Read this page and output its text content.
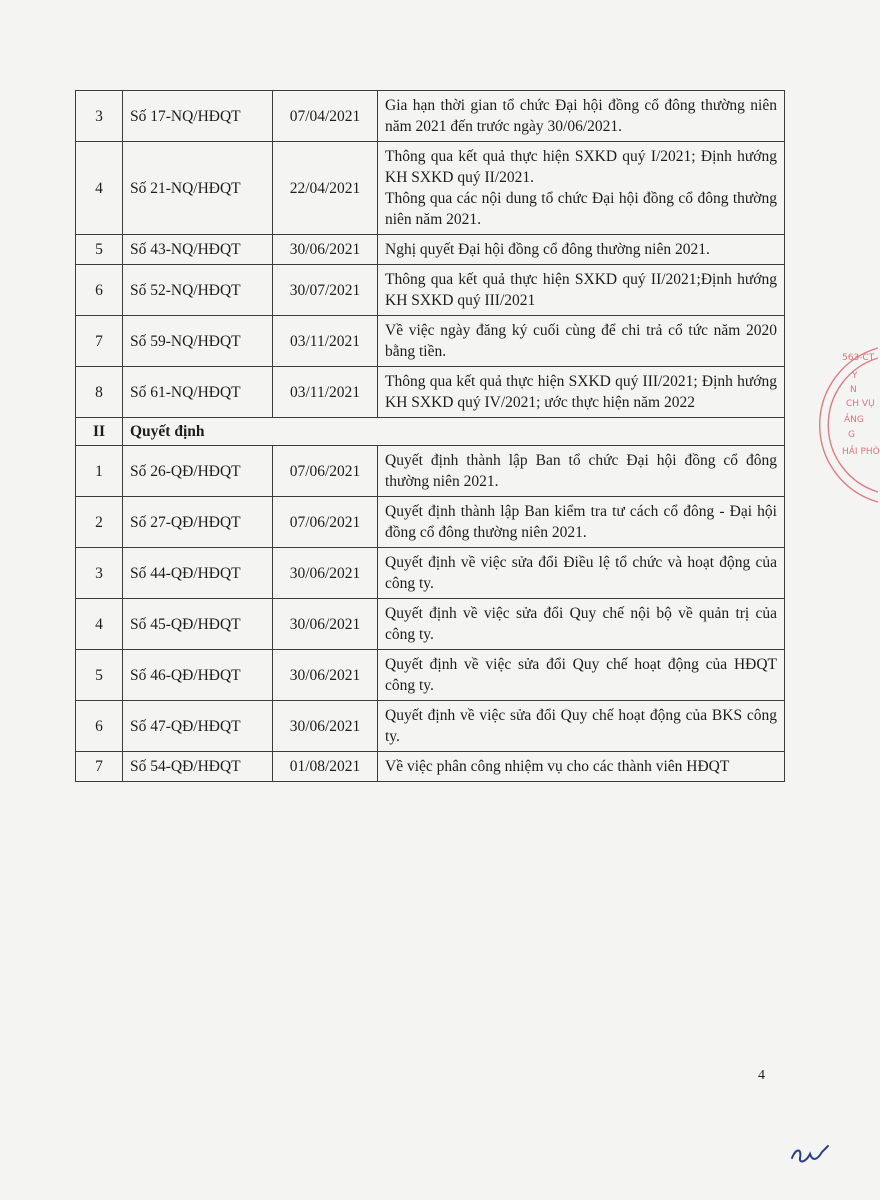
3	Số 17-NQ/HĐQT	07/04/2021	Gia hạn thời gian tổ chức Đại hội đồng cổ đông thường niên năm 2021 đến trước ngày 30/06/2021.

4	Số 21-NQ/HĐQT	22/04/2021	Thông qua kết quả thực hiện SXKD quý I/2021; Định hướng KH SXKD quý II/2021.
Thông qua các nội dung tổ chức Đại hội đồng cổ đông thường niên năm 2021.

5	Số 43-NQ/HĐQT	30/06/2021	Nghị quyết Đại hội đồng cổ đông thường niên 2021.

6	Số 52-NQ/HĐQT	30/07/2021	Thông qua kết quả thực hiện SXKD quý II/2021;Định hướng KH SXKD quý III/2021

7	Số 59-NQ/HĐQT	03/11/2021	Về việc ngày đăng ký cuối cùng để chi trả cổ tức năm 2020 bằng tiền.

8	Số 61-NQ/HĐQT	03/11/2021	Thông qua kết quả thực hiện SXKD quý III/2021; Định hướng KH SXKD quý IV/2021; ước thực hiện năm 2022

II	Quyết định		
1	Số 26-QĐ/HĐQT	07/06/2021	Quyết định thành lập Ban tổ chức Đại hội đồng cổ đông thường niên 2021.

2	Số 27-QĐ/HĐQT	07/06/2021	Quyết định thành lập Ban kiểm tra tư cách cổ đông - Đại hội đồng cổ đông thường niên 2021.

3	Số 44-QĐ/HĐQT	30/06/2021	Quyết định về việc sửa đổi Điều lệ tổ chức và hoạt động của công ty.

4	Số 45-QĐ/HĐQT	30/06/2021	Quyết định về việc sửa đổi Quy chế nội bộ về quản trị của công ty.

5	Số 46-QĐ/HĐQT	30/06/2021	Quyết định về việc sửa đổi Quy chế hoạt động của HĐQT công ty.

6	Số 47-QĐ/HĐQT	30/06/2021	Quyết định về việc sửa đổi Quy chế hoạt động của BKS công ty.

7	Số 54-QĐ/HĐQT	01/08/2021	Về việc phân công nhiệm vụ cho các thành viên HĐQT
4
563-CT
Y
N
CH VỤ
ẢNG
G
HẢI PHÒ
